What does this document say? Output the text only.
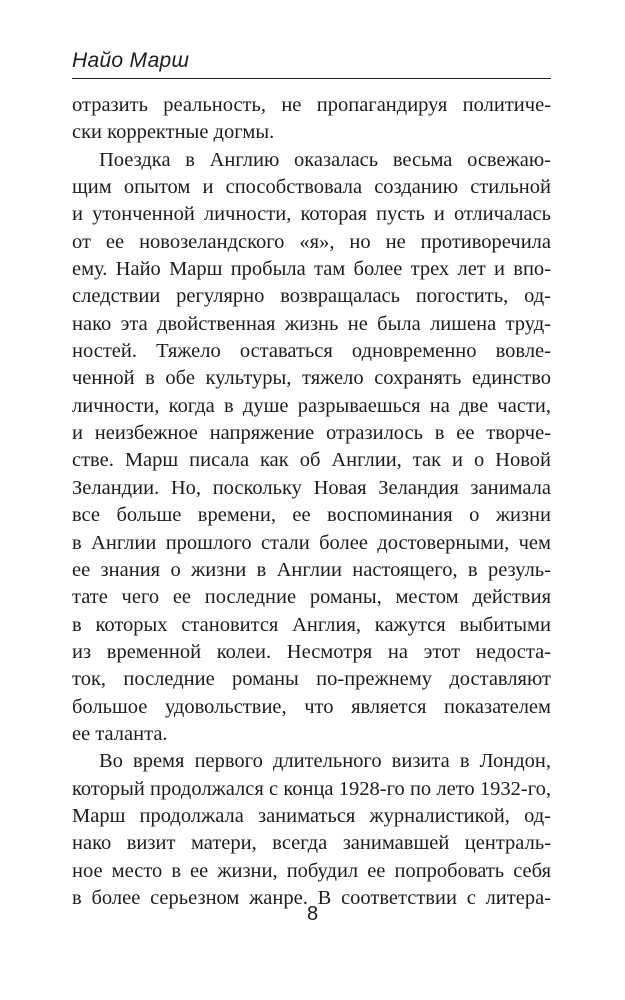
Найо Марш
отразить реальность, не пропагандируя политиче-
ски корректные догмы.
Поездка в Англию оказалась весьма освежаю-
щим опытом и способствовала созданию стильной
и утонченной личности, которая пусть и отличалась
от ее новозеландского «я», но не противоречила
ему. Найо Марш пробыла там более трех лет и впо-
следствии регулярно возвращалась погостить, од-
нако эта двойственная жизнь не была лишена труд-
ностей. Тяжело оставаться одновременно вовле-
ченной в обе культуры, тяжело сохранять единство
личности, когда в душе разрываешься на две части,
и неизбежное напряжение отразилось в ее творче-
стве. Марш писала как об Англии, так и о Новой
Зеландии. Но, поскольку Новая Зеландия занимала
все больше времени, ее воспоминания о жизни
в Англии прошлого стали более достоверными, чем
ее знания о жизни в Англии настоящего, в резуль-
тате чего ее последние романы, местом действия
в которых становится Англия, кажутся выбитыми
из временной колеи. Несмотря на этот недоста-
ток, последние романы по-прежнему доставляют
большое удовольствие, что является показателем
ее таланта.
Во время первого длительного визита в Лондон,
который продолжался с конца 1928-го по лето 1932-го,
Марш продолжала заниматься журналистикой, од-
нако визит матери, всегда занимавшей централь-
ное место в ее жизни, побудил ее попробовать себя
в более серьезном жанре. В соответствии с литера-
8
